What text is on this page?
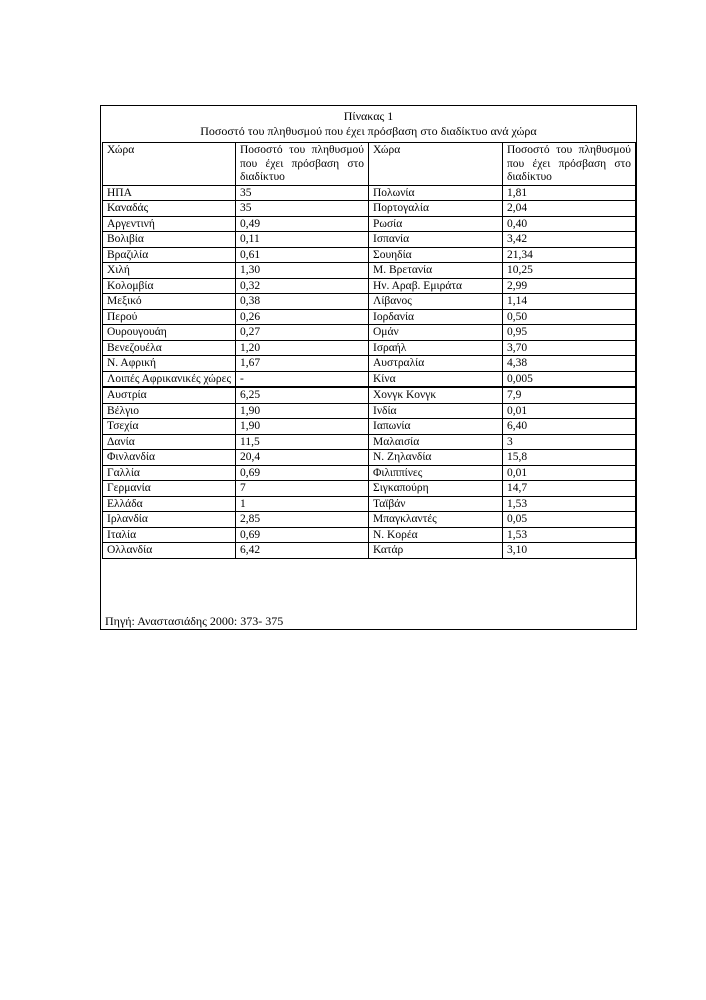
Πίνακας 1
Ποσοστό του πληθυσμού που έχει πρόσβαση στο διαδίκτυο ανά χώρα
Χώρα	Ποσοστό του πληθυσμού που έχει πρόσβαση στο διαδίκτυο	Χώρα	Ποσοστό του πληθυσμού που έχει πρόσβαση στο διαδίκτυο
ΗΠΑ	35	Πολωνία	1,81
Καναδάς	35	Πορτογαλία	2,04
Αργεντινή	0,49	Ρωσία	0,40
Βολιβία	0,11	Ισπανία	3,42
Βραζιλία	0,61	Σουηδία	21,34
Χιλή	1,30	Μ. Βρετανία	10,25
Κολομβία	0,32	Ην. Αραβ. Εμιράτα	2,99
Μεξικό	0,38	Λίβανος	1,14
Περού	0,26	Ιορδανία	0,50
Ουρουγουάη	0,27	Ομάν	0,95
Βενεζουέλα	1,20	Ισραήλ	3,70
Ν. Αφρική	1,67	Αυστραλία	4,38
Λοιπές Αφρικανικές χώρες	-	Κίνα	0,005
Αυστρία	6,25	Χονγκ Κονγκ	7,9
Βέλγιο	1,90	Ινδία	0,01
Τσεχία	1,90	Ιαπωνία	6,40
Δανία	11,5	Μαλαισία	3
Φινλανδία	20,4	Ν. Ζηλανδία	15,8
Γαλλία	0,69	Φιλιππίνες	0,01
Γερμανία	7	Σιγκαπούρη	14,7
Ελλάδα	1	Ταϊβάν	1,53
Ιρλανδία	2,85	Μπαγκλαντές	0,05
Ιταλία	0,69	Ν. Κορέα	1,53
Ολλανδία	6,42	Κατάρ	3,10
Πηγή: Αναστασιάδης 2000: 373- 375
